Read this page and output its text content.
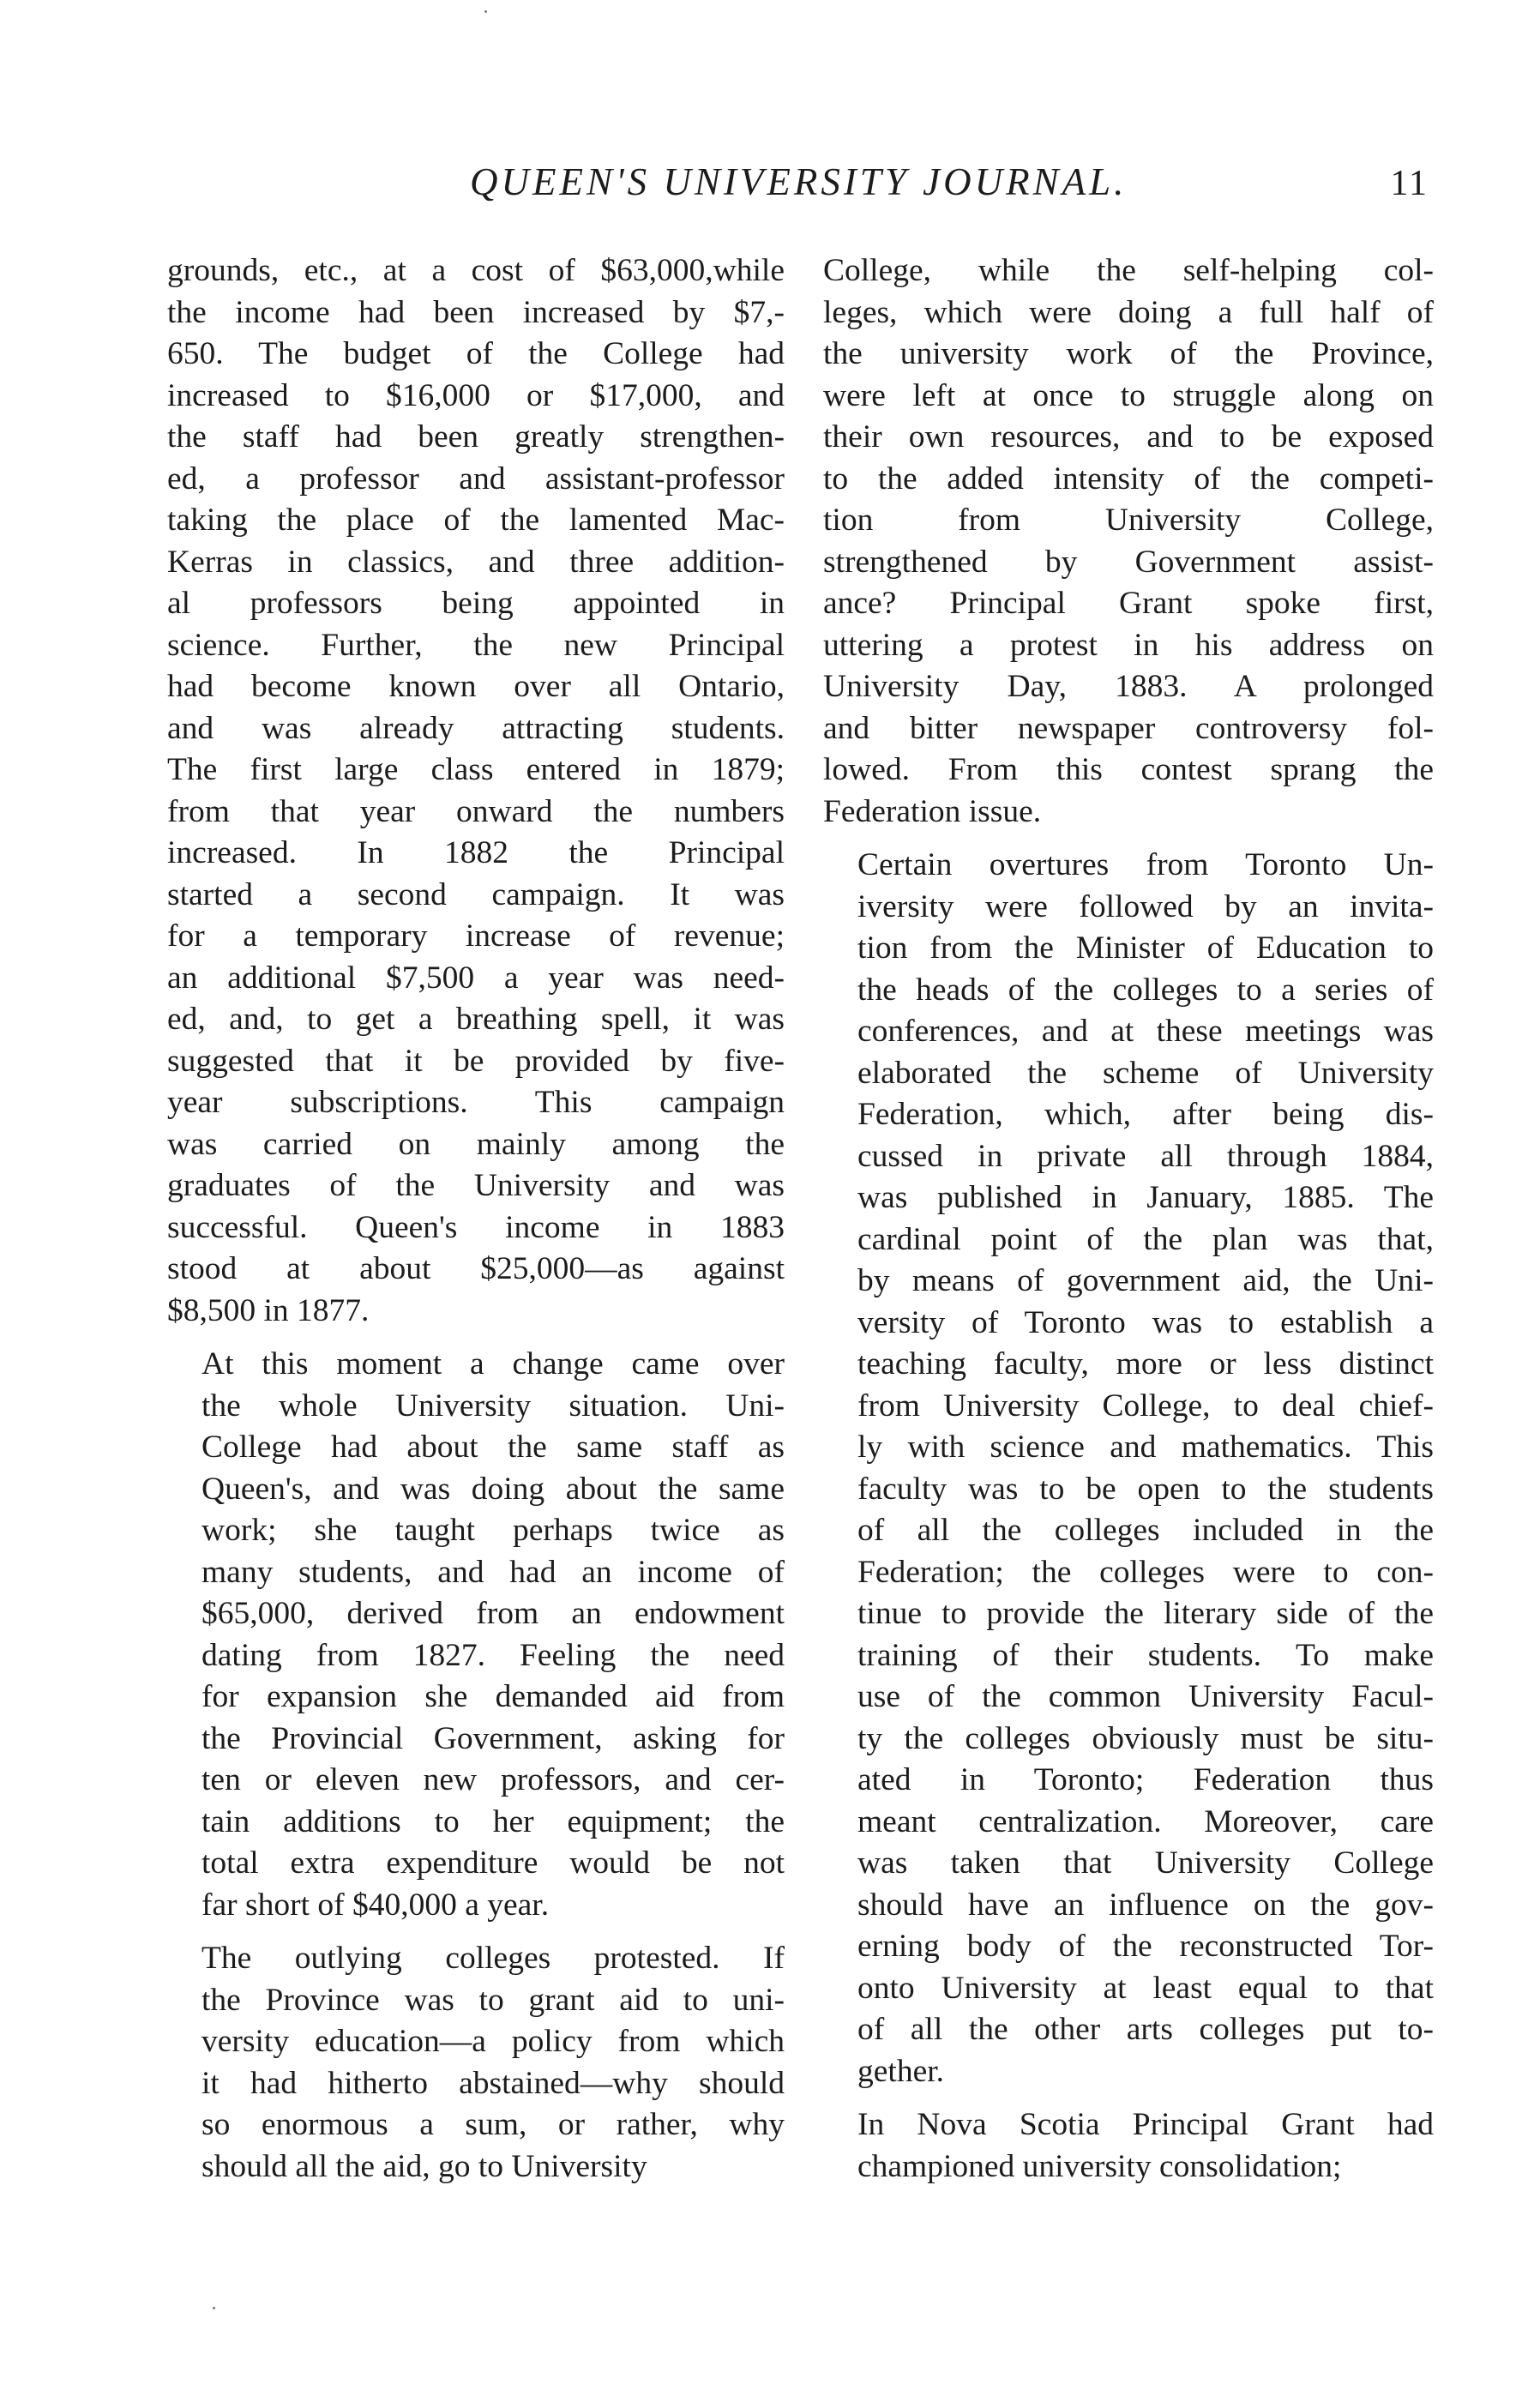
QUEEN'S UNIVERSITY JOURNAL.	11

grounds, etc., at a cost of $63,000,while
the income had been increased by $7,-
650. The budget of the College had
increased to $16,000 or $17,000, and
the staff had been greatly strengthen-
ed, a professor and assistant-professor
taking the place of the lamented Mac-
Kerras in classics, and three addition-
al professors being appointed in
science. Further, the new Principal
had become known over all Ontario,
and was already attracting students.
The first large class entered in 1879;
from that year onward the numbers
increased. In 1882 the Principal
started a second campaign. It was
for a temporary increase of revenue;
an additional $7,500 a year was need-
ed, and, to get a breathing spell, it was
suggested that it be provided by five-
year subscriptions. This campaign
was carried on mainly among the
graduates of the University and was
successful. Queen's income in 1883
stood at about $25,000—as against
$8,500 in 1877.

At this moment a change came over
the whole University situation. Uni-
College had about the same staff as
Queen's, and was doing about the same
work; she taught perhaps twice as
many students, and had an income of
$65,000, derived from an endowment
dating from 1827. Feeling the need
for expansion she demanded aid from
the Provincial Government, asking for
ten or eleven new professors, and cer-
tain additions to her equipment; the
total extra expenditure would be not
far short of $40,000 a year.

The outlying colleges protested. If
the Province was to grant aid to uni-
versity education—a policy from which
it had hitherto abstained—why should
so enormous a sum, or rather, why
should all the aid, go to University

College, while the self-helping col-
leges, which were doing a full half of
the university work of the Province,
were left at once to struggle along on
their own resources, and to be exposed
to the added intensity of the competi-
tion from University College,
strengthened by Government assist-
ance? Principal Grant spoke first,
uttering a protest in his address on
University Day, 1883. A prolonged
and bitter newspaper controversy fol-
lowed. From this contest sprang the
Federation issue.

Certain overtures from Toronto Un-
iversity were followed by an invita-
tion from the Minister of Education to
the heads of the colleges to a series of
conferences, and at these meetings was
elaborated the scheme of University
Federation, which, after being dis-
cussed in private all through 1884,
was published in January, 1885. The
cardinal point of the plan was that,
by means of government aid, the Uni-
versity of Toronto was to establish a
teaching faculty, more or less distinct
from University College, to deal chief-
ly with science and mathematics. This
faculty was to be open to the students
of all the colleges included in the
Federation; the colleges were to con-
tinue to provide the literary side of the
training of their students. To make
use of the common University Facul-
ty the colleges obviously must be situ-
ated in Toronto; Federation thus
meant centralization. Moreover, care
was taken that University College
should have an influence on the gov-
erning body of the reconstructed Tor-
onto University at least equal to that
of all the other arts colleges put to-
gether.

In Nova Scotia Principal Grant had
championed university consolidation;
